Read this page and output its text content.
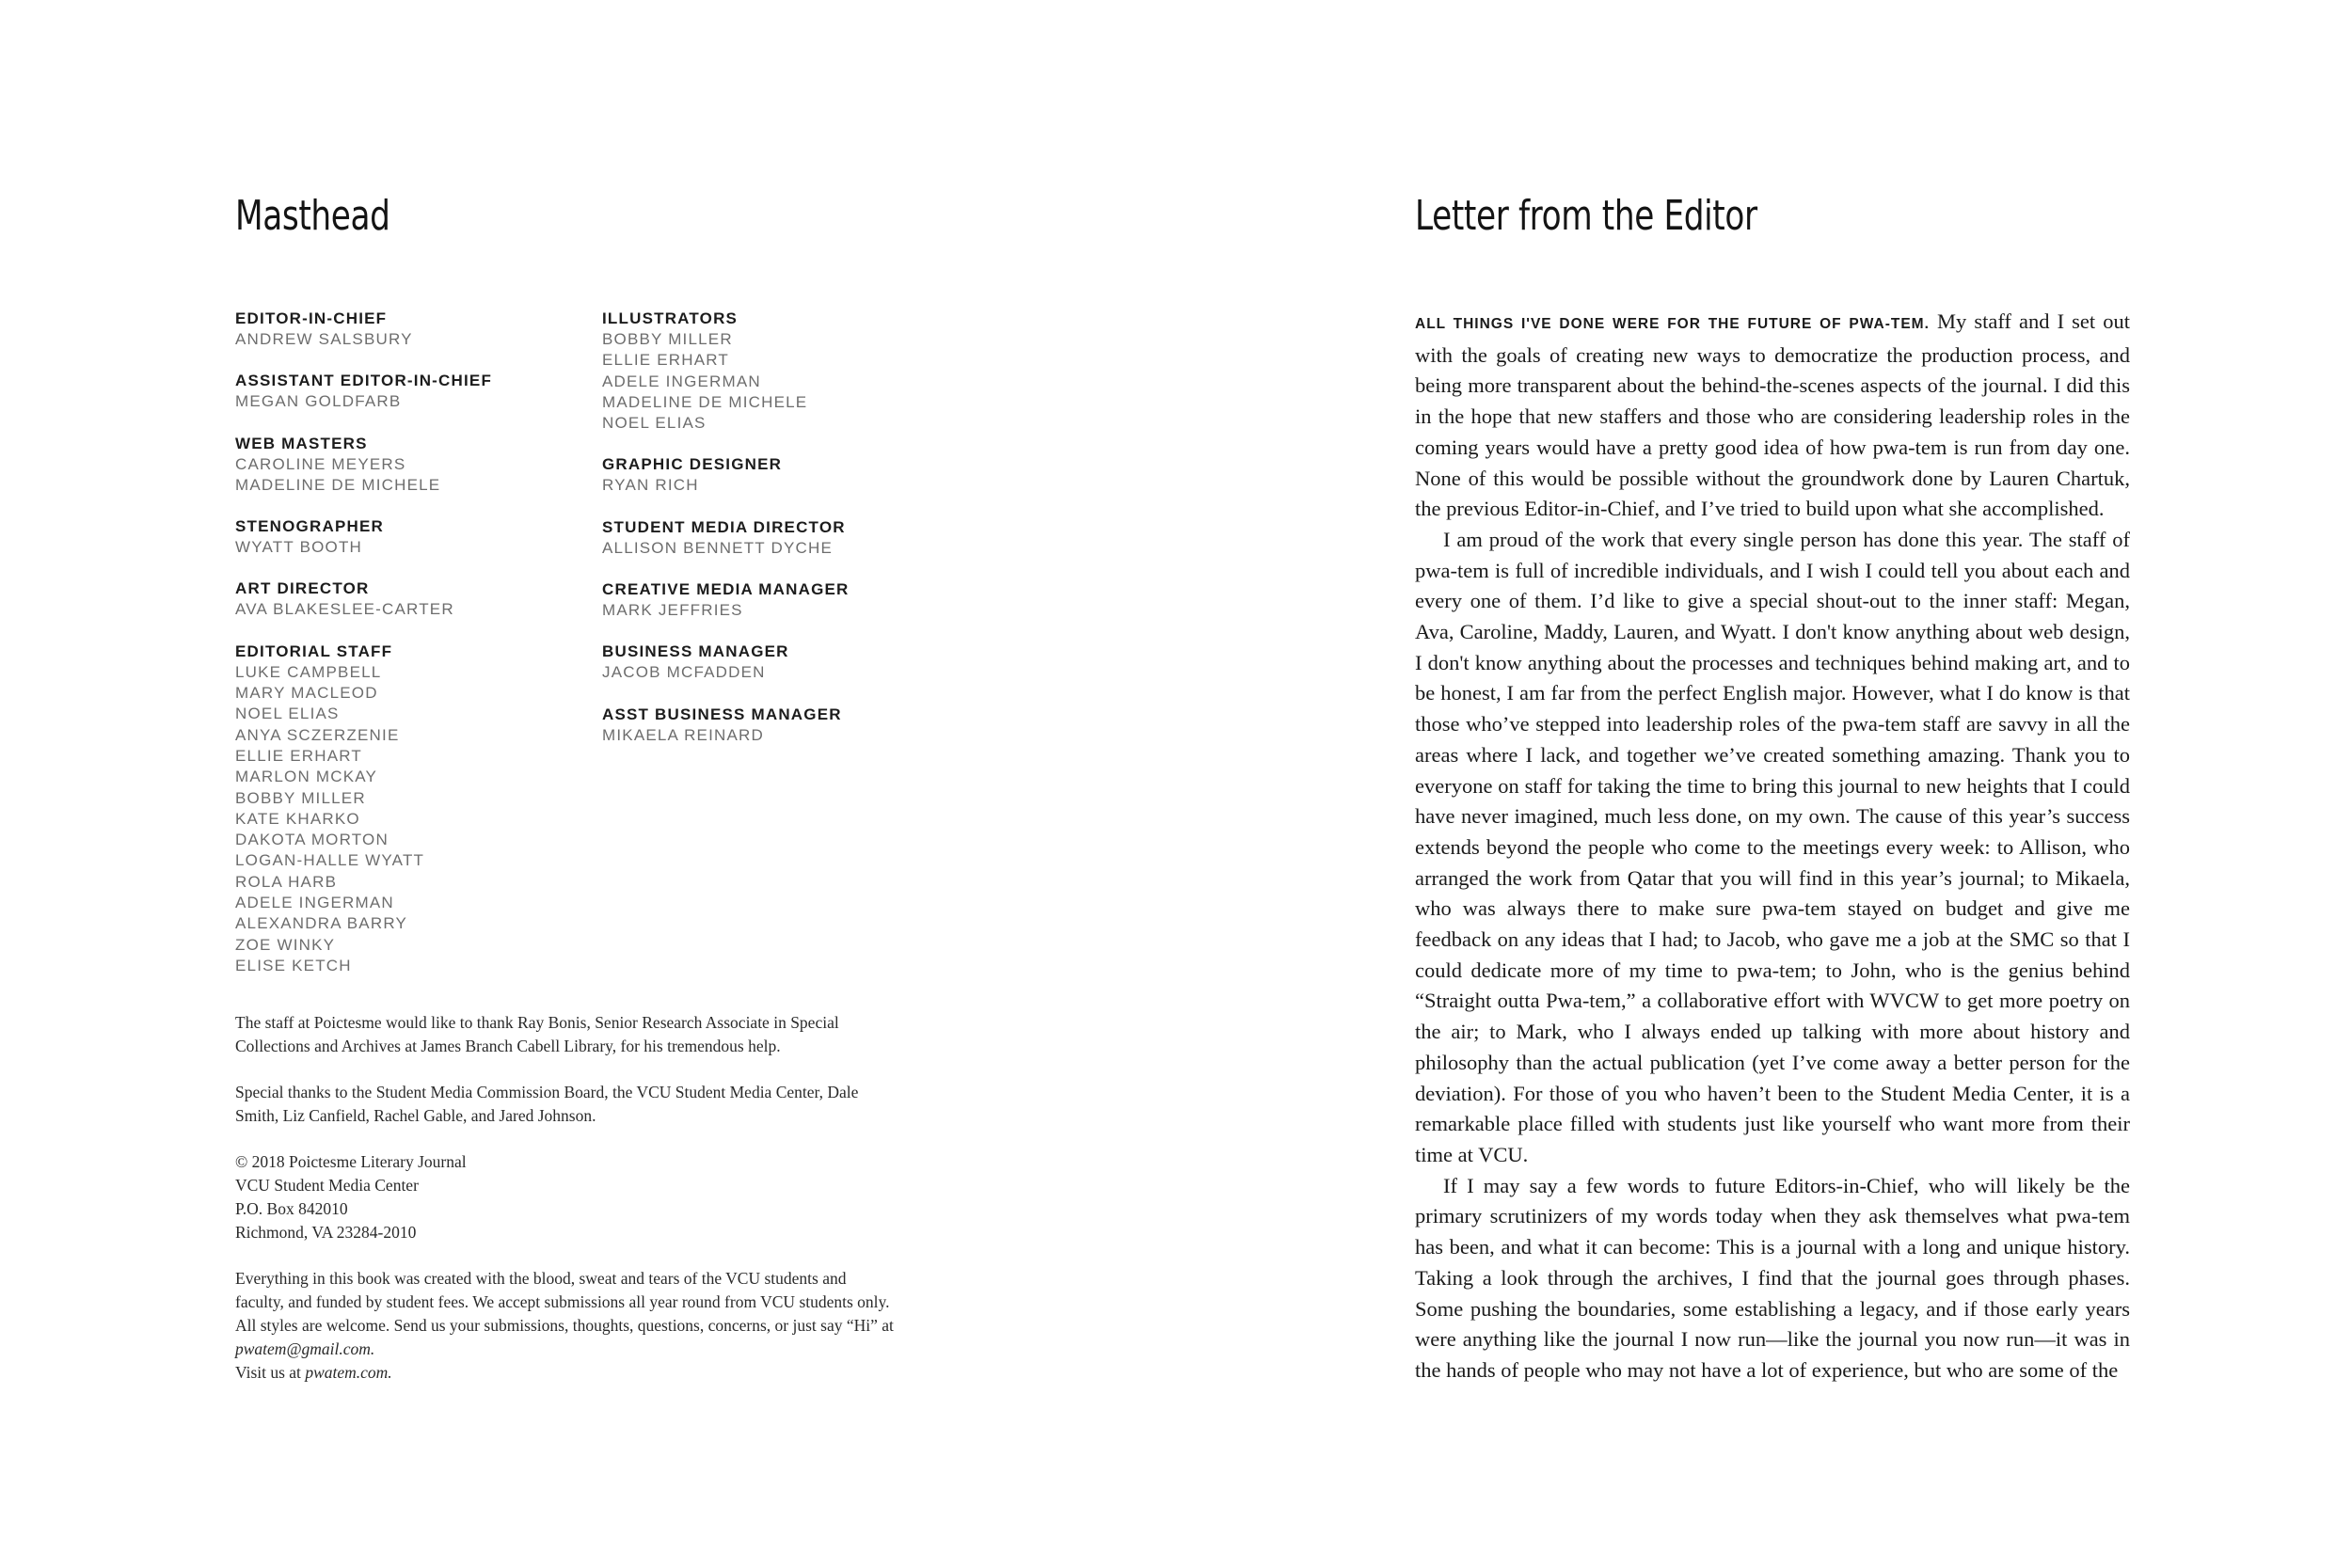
Masthead	Letter from the Editor
EDITOR-IN-CHIEF
ANDREW SALSBURY
ASSISTANT EDITOR-IN-CHIEF
MEGAN GOLDFARB
WEB MASTERS
CAROLINE MEYERS
MADELINE DE MICHELE
STENOGRAPHER
WYATT BOOTH
ART DIRECTOR
AVA BLAKESLEE-CARTER
EDITORIAL STAFF
LUKE CAMPBELL
MARY MACLEOD
NOEL ELIAS
ANYA SCZERZENIE
ELLIE ERHART
MARLON MCKAY
BOBBY MILLER
KATE KHARKO
DAKOTA MORTON
LOGAN-HALLE WYATT
ROLA HARB
ADELE INGERMAN
ALEXANDRA BARRY
ZOE WINKY
ELISE KETCH
ILLUSTRATORS
BOBBY MILLER
ELLIE ERHART
ADELE INGERMAN
MADELINE DE MICHELE
NOEL ELIAS
GRAPHIC DESIGNER
RYAN RICH
STUDENT MEDIA DIRECTOR
ALLISON BENNETT DYCHE
CREATIVE MEDIA MANAGER
MARK JEFFRIES
BUSINESS MANAGER
JACOB MCFADDEN
ASST BUSINESS MANAGER
MIKAELA REINARD

The staff at Poictesme would like to thank Ray Bonis, Senior Research Associate in Special Collections and Archives at James Branch Cabell Library, for his tremendous help.

Special thanks to the Student Media Commission Board, the VCU Student Media Center, Dale Smith, Liz Canfield, Rachel Gable, and Jared Johnson.

© 2018 Poictesme Literary Journal
VCU Student Media Center
P.O. Box 842010
Richmond, VA 23284-2010

Everything in this book was created with the blood, sweat and tears of the VCU students and faculty, and funded by student fees. We accept submissions all year round from VCU students only. All styles are welcome. Send us your submissions, thoughts, questions, concerns, or just say “Hi” at pwatem@gmail.com.
Visit us at pwatem.com.

ALL THINGS I'VE DONE WERE FOR THE FUTURE OF PWA-TEM. My staff and I set out with the goals of creating new ways to democratize the production process, and being more transparent about the behind-the-scenes aspects of the journal. I did this in the hope that new staffers and those who are considering leadership roles in the coming years would have a pretty good idea of how pwa-tem is run from day one. None of this would be possible without the groundwork done by Lauren Chartuk, the previous Editor-in-Chief, and I’ve tried to build upon what she accomplished.

I am proud of the work that every single person has done this year. The staff of pwa-tem is full of incredible individuals, and I wish I could tell you about each and every one of them. I’d like to give a special shout-out to the inner staff: Megan, Ava, Caroline, Maddy, Lauren, and Wyatt. I don't know anything about web design, I don't know anything about the processes and techniques behind making art, and to be honest, I am far from the perfect English major. However, what I do know is that those who’ve stepped into leadership roles of the pwa-tem staff are savvy in all the areas where I lack, and together we’ve created something amazing. Thank you to everyone on staff for taking the time to bring this journal to new heights that I could have never imagined, much less done, on my own. The cause of this year’s success extends beyond the people who come to the meetings every week: to Allison, who arranged the work from Qatar that you will find in this year’s journal; to Mikaela, who was always there to make sure pwa-tem stayed on budget and give me feedback on any ideas that I had; to Jacob, who gave me a job at the SMC so that I could dedicate more of my time to pwa-tem; to John, who is the genius behind “Straight outta Pwa-tem,” a collaborative effort with WVCW to get more poetry on the air; to Mark, who I always ended up talking with more about history and philosophy than the actual publication (yet I’ve come away a better person for the deviation). For those of you who haven’t been to the Student Media Center, it is a remarkable place filled with students just like yourself who want more from their time at VCU.

If I may say a few words to future Editors-in-Chief, who will likely be the primary scrutinizers of my words today when they ask themselves what pwa-tem has been, and what it can become: This is a journal with a long and unique history. Taking a look through the archives, I find that the journal goes through phases. Some pushing the boundaries, some establishing a legacy, and if those early years were anything like the journal I now run—like the journal you now run—it was in the hands of people who may not have a lot of experience, but who are some of the
